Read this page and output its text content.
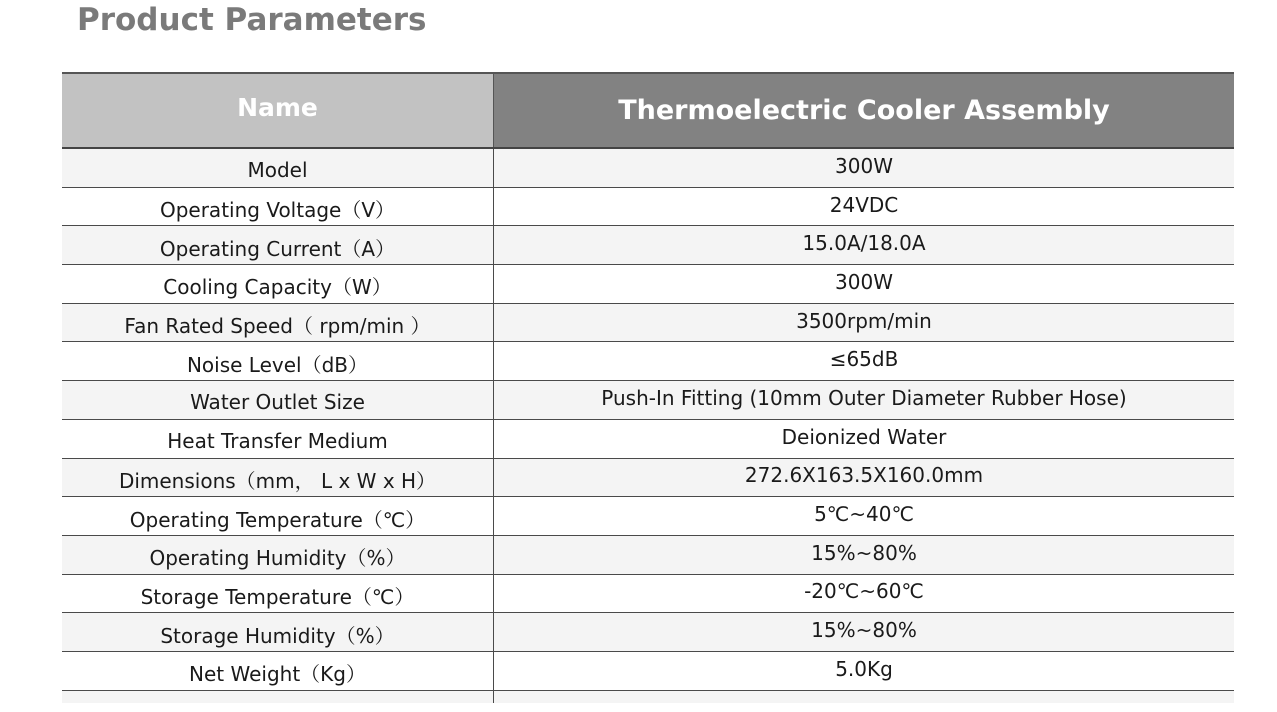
Product Parameters
Name	Thermoelectric Cooler Assembly
Model	300W
Operating Voltage（V）	24VDC
Operating Current（A）	15.0A/18.0A
Cooling Capacity（W）	300W
Fan Rated Speed（ rpm/min ）	3500rpm/min
Noise Level（dB）	≤65dB
Water Outlet Size	Push-In Fitting (10mm Outer Diameter Rubber Hose)
Heat Transfer Medium	Deionized Water
Dimensions（mm， L x W x H）	272.6X163.5X160.0mm
Operating Temperature（℃）	5℃~40℃
Operating Humidity（%）	15%~80%
Storage Temperature（℃）	-20℃~60℃
Storage Humidity（%）	15%~80%
Net Weight（Kg）	5.0Kg
